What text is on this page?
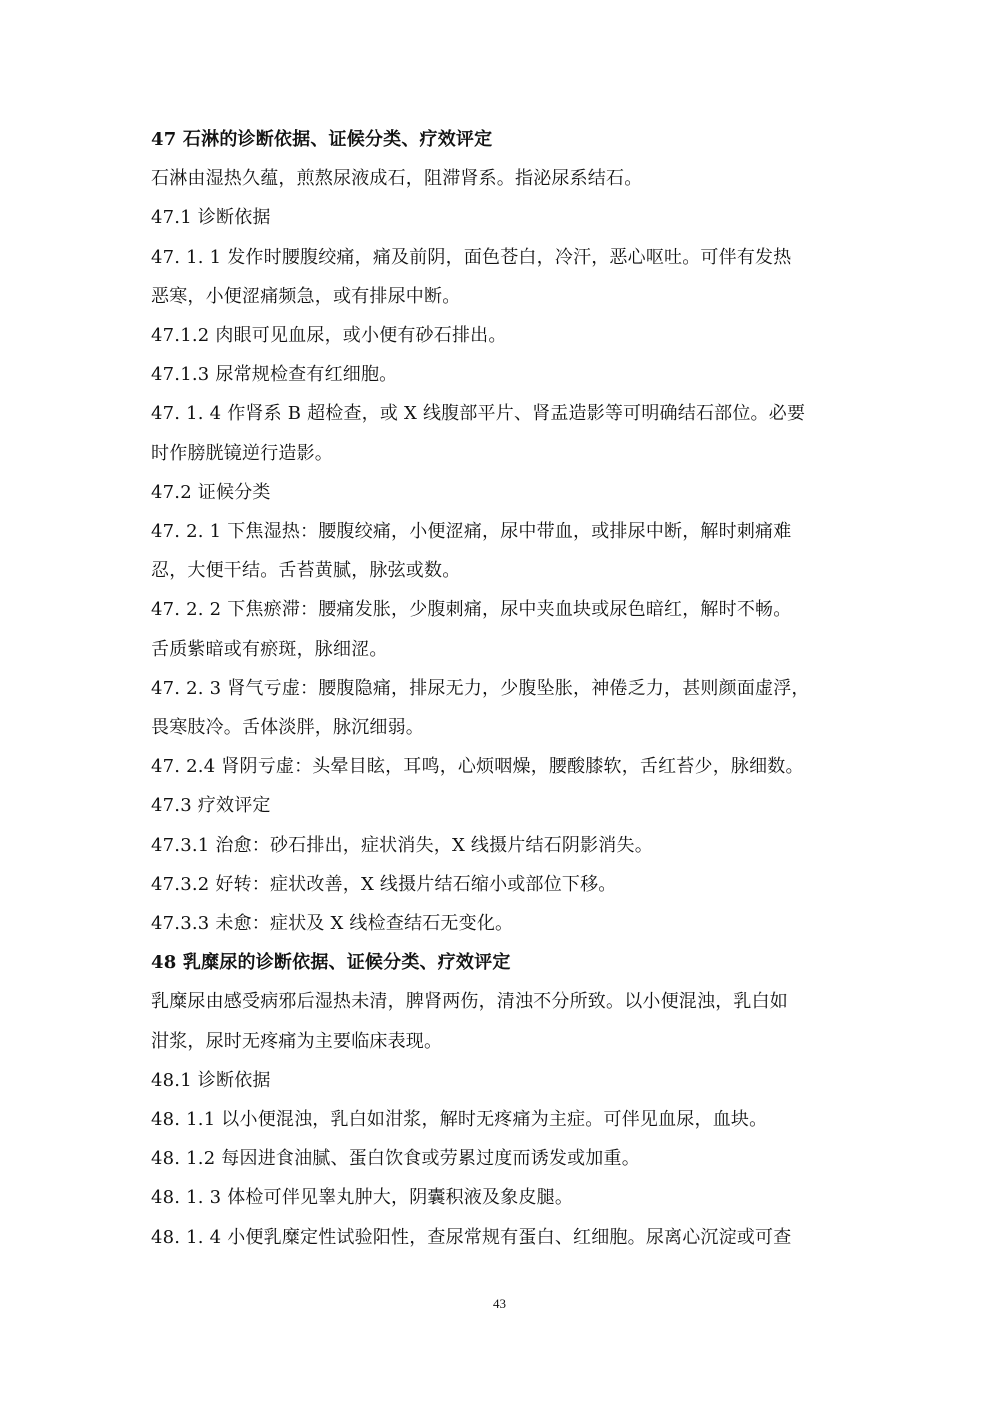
47 石淋的诊断依据、证候分类、疗效评定
石淋由湿热久蕴，煎熬尿液成石，阻滞肾系。指泌尿系结石。
47.1 诊断依据
47. 1. 1 发作时腰腹绞痛，痛及前阴，面色苍白，冷汗，恶心呕吐。可伴有发热
恶寒，小便涩痛频急，或有排尿中断。
47.1.2 肉眼可见血尿，或小便有砂石排出。
47.1.3 尿常规检查有红细胞。
47. 1. 4 作肾系 B 超检查，或 X 线腹部平片、肾盂造影等可明确结石部位。必要
时作膀胱镜逆行造影。
47.2 证候分类
47. 2. 1 下焦湿热：腰腹绞痛，小便涩痛，尿中带血，或排尿中断，解时刺痛难
忍，大便干结。舌苔黄腻，脉弦或数。
47. 2. 2 下焦瘀滞：腰痛发胀，少腹刺痛，尿中夹血块或尿色暗红，解时不畅。
舌质紫暗或有瘀斑，脉细涩。
47. 2. 3 肾气亏虚：腰腹隐痛，排尿无力，少腹坠胀，神倦乏力，甚则颜面虚浮，
畏寒肢冷。舌体淡胖，脉沉细弱。
47. 2.4 肾阴亏虚：头晕目眩，耳鸣，心烦咽燥，腰酸膝软，舌红苔少，脉细数。
47.3 疗效评定
47.3.1 治愈：砂石排出，症状消失，X 线摄片结石阴影消失。
47.3.2 好转：症状改善，X 线摄片结石缩小或部位下移。
47.3.3 未愈：症状及 X 线检查结石无变化。
48 乳糜尿的诊断依据、证候分类、疗效评定
乳糜尿由感受病邪后湿热未清，脾肾两伤，清浊不分所致。以小便混浊，乳白如
泔浆，尿时无疼痛为主要临床表现。
48.1 诊断依据
48. 1.1 以小便混浊，乳白如泔浆，解时无疼痛为主症。可伴见血尿，血块。
48. 1.2 每因进食油腻、蛋白饮食或劳累过度而诱发或加重。
48. 1. 3 体检可伴见睾丸肿大，阴囊积液及象皮腿。
48. 1. 4 小便乳糜定性试验阳性，查尿常规有蛋白、红细胞。尿离心沉淀或可查
43
